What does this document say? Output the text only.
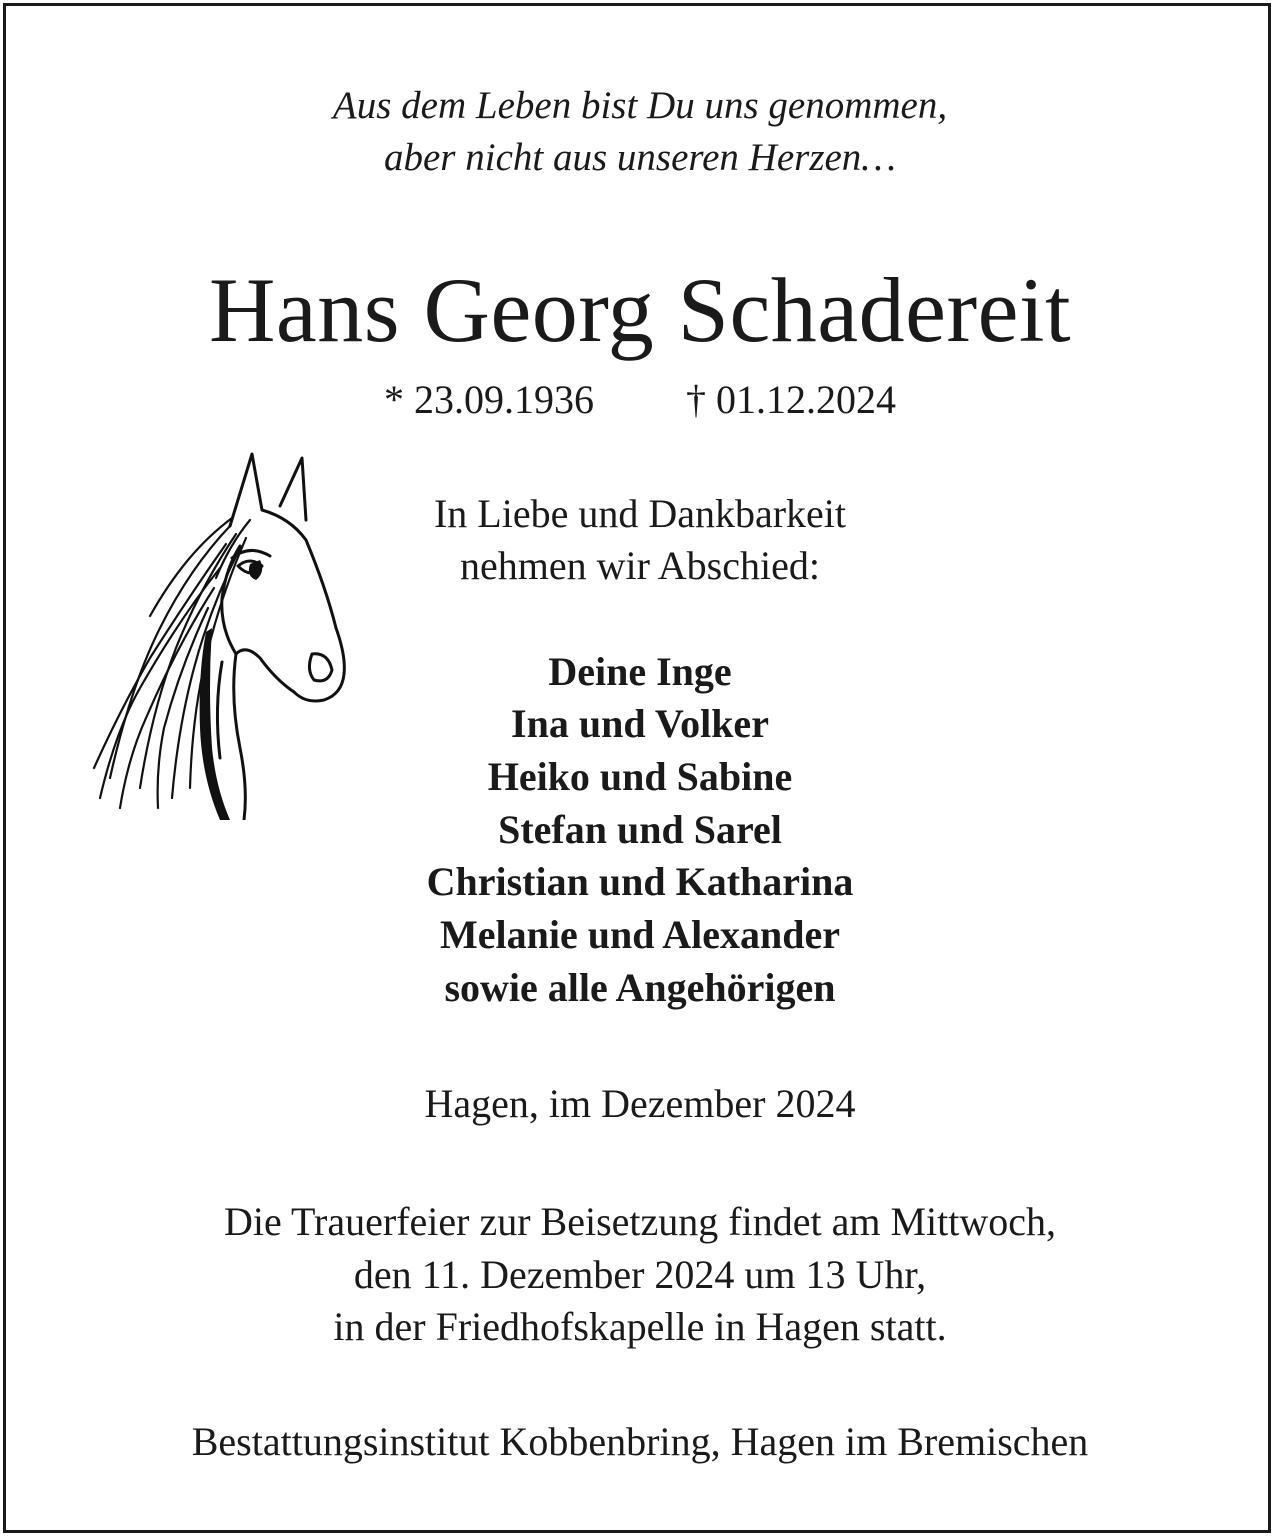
Aus dem Leben bist Du uns genommen,
aber nicht aus unseren Herzen…
Hans Georg Schadereit
* 23.09.1936 † 01.12.2024
In Liebe und Dankbarkeit
nehmen wir Abschied:
Deine Inge
Ina und Volker
Heiko und Sabine
Stefan und Sarel
Christian und Katharina
Melanie und Alexander
sowie alle Angehörigen
Hagen, im Dezember 2024
Die Trauerfeier zur Beisetzung findet am Mittwoch,
den 11. Dezember 2024 um 13 Uhr,
in der Friedhofskapelle in Hagen statt.
Bestattungsinstitut Kobbenbring, Hagen im Bremischen
